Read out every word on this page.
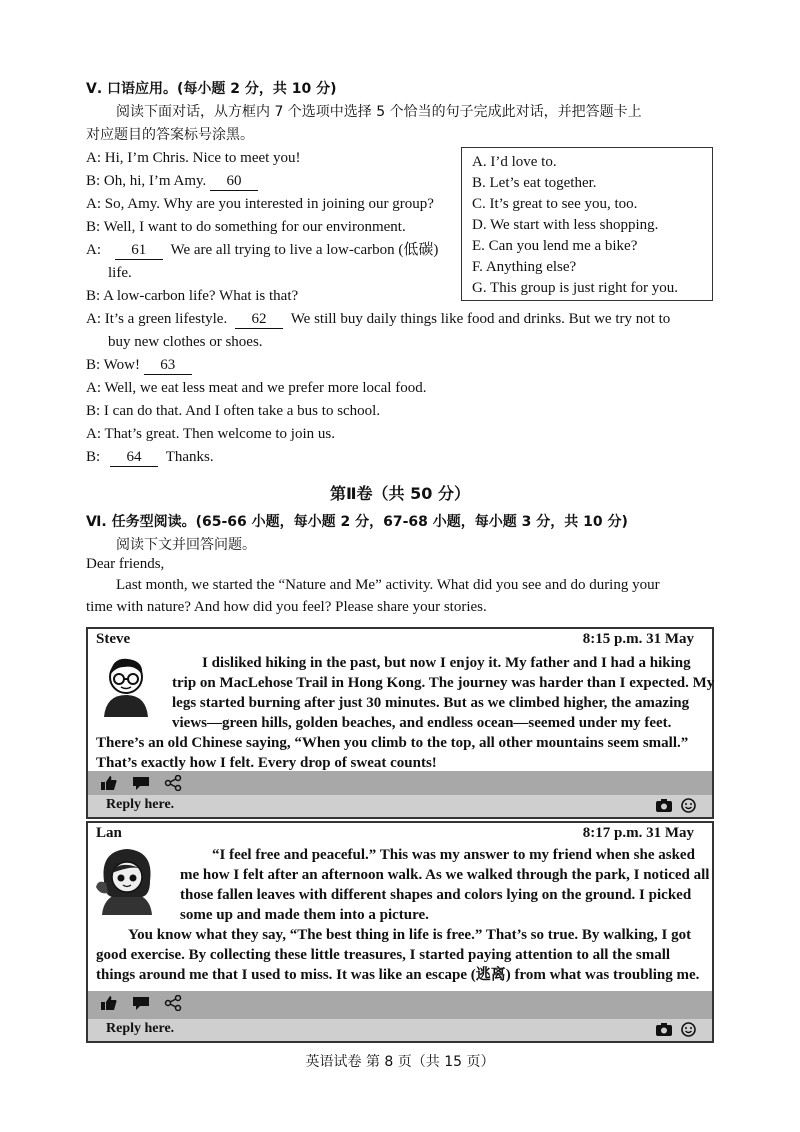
Ⅴ. 口语应用。(每小题 2 分，共 10 分)
阅读下面对话，从方框内 7 个选项中选择 5 个恰当的句子完成此对话，并把答题卡上
对应题目的答案标号涂黑。
A: Hi, I’m Chris. Nice to meet you!
B: Oh, hi, I’m Amy. 60
A: So, Amy. Why are you interested in joining our group?
B: Well, I want to do something for our environment.
A: 61 We are all trying to live a low-carbon (低碳)
life.
B: A low-carbon life? What is that?
A: It’s a green lifestyle. 62 We still buy daily things like food and drinks. But we try not to
buy new clothes or shoes.
B: Wow! 63
A: Well, we eat less meat and we prefer more local food.
B: I can do that. And I often take a bus to school.
A: That’s great. Then welcome to join us.
B: 64 Thanks.
A. I’d love to.
B. Let’s eat together.
C. It’s great to see you, too.
D. We start with less shopping.
E. Can you lend me a bike?
F. Anything else?
G. This group is just right for you.
第Ⅱ卷（共 50 分）
Ⅵ. 任务型阅读。(65-66 小题，每小题 2 分，67-68 小题，每小题 3 分，共 10 分)
阅读下文并回答问题。
Dear friends,
Last month, we started the “Nature and Me” activity. What did you see and do during your
time with nature? And how did you feel? Please share your stories.
Steve	8:15 p.m. 31 May

I disliked hiking in the past, but now I enjoy it. My father and I had a hiking

trip on MacLehose Trail in Hong Kong. The journey was harder than I expected. My

legs started burning after just 30 minutes. But as we climbed higher, the amazing

views—green hills, golden beaches, and endless ocean—seemed under my feet.

There’s an old Chinese saying, “When you climb to the top, all other mountains seem small.”

That’s exactly how I felt. Every drop of sweat counts!

Reply here.
Lan	8:17 p.m. 31 May

“I feel free and peaceful.” This was my answer to my friend when she asked

me how I felt after an afternoon walk. As we walked through the park, I noticed all

those fallen leaves with different shapes and colors lying on the ground. I picked

some up and made them into a picture.

You know what they say, “The best thing in life is free.” That’s so true. By walking, I got

good exercise. By collecting these little treasures, I started paying attention to all the small

things around me that I used to miss. It was like an escape (逃离) from what was troubling me.

Reply here.
英语试卷 第 8 页（共 15 页）
